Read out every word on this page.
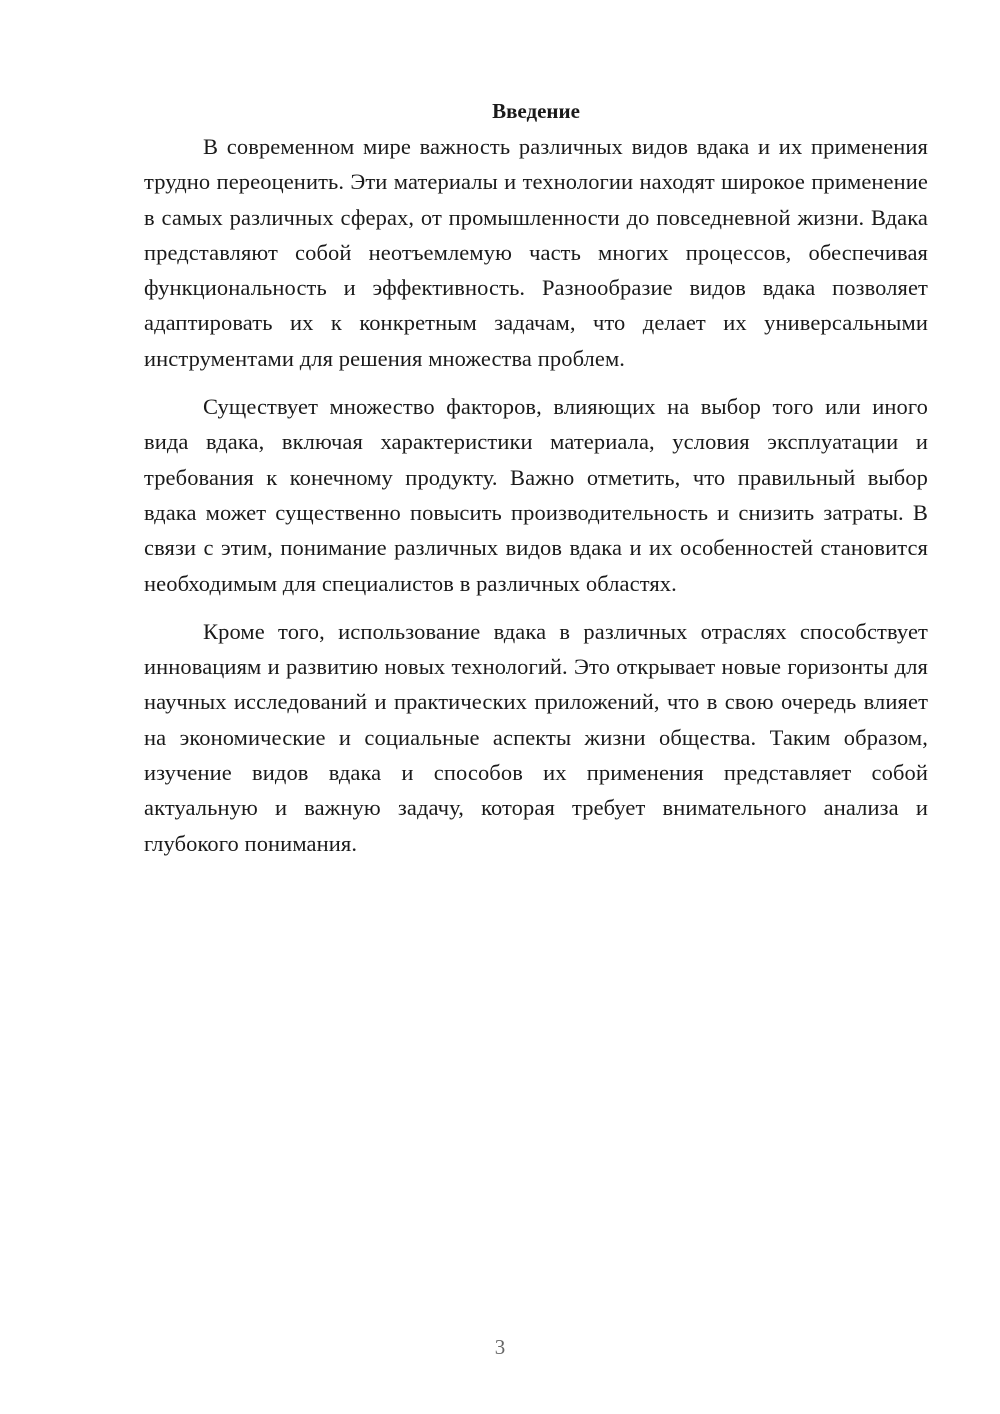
Введение

В современном мире важность различных видов вдака и их применения трудно переоценить. Эти материалы и технологии находят широкое применение в самых различных сферах, от промышленности до повседневной жизни. Вдака представляют собой неотъемлемую часть многих процессов, обеспечивая функциональность и эффективность. Разнообразие видов вдака позволяет адаптировать их к конкретным задачам, что делает их универсальными инструментами для решения множества проблем.

Существует множество факторов, влияющих на выбор того или иного вида вдака, включая характеристики материала, условия эксплуатации и требования к конечному продукту. Важно отметить, что правильный выбор вдака может существенно повысить производительность и снизить затраты. В связи с этим, понимание различных видов вдака и их особенностей становится необходимым для специалистов в различных областях.

Кроме того, использование вдака в различных отраслях способствует инновациям и развитию новых технологий. Это открывает новые горизонты для научных исследований и практических приложений, что в свою очередь влияет на экономические и социальные аспекты жизни общества. Таким образом, изучение видов вдака и способов их применения представляет собой актуальную и важную задачу, которая требует внимательного анализа и глубокого понимания.

3
